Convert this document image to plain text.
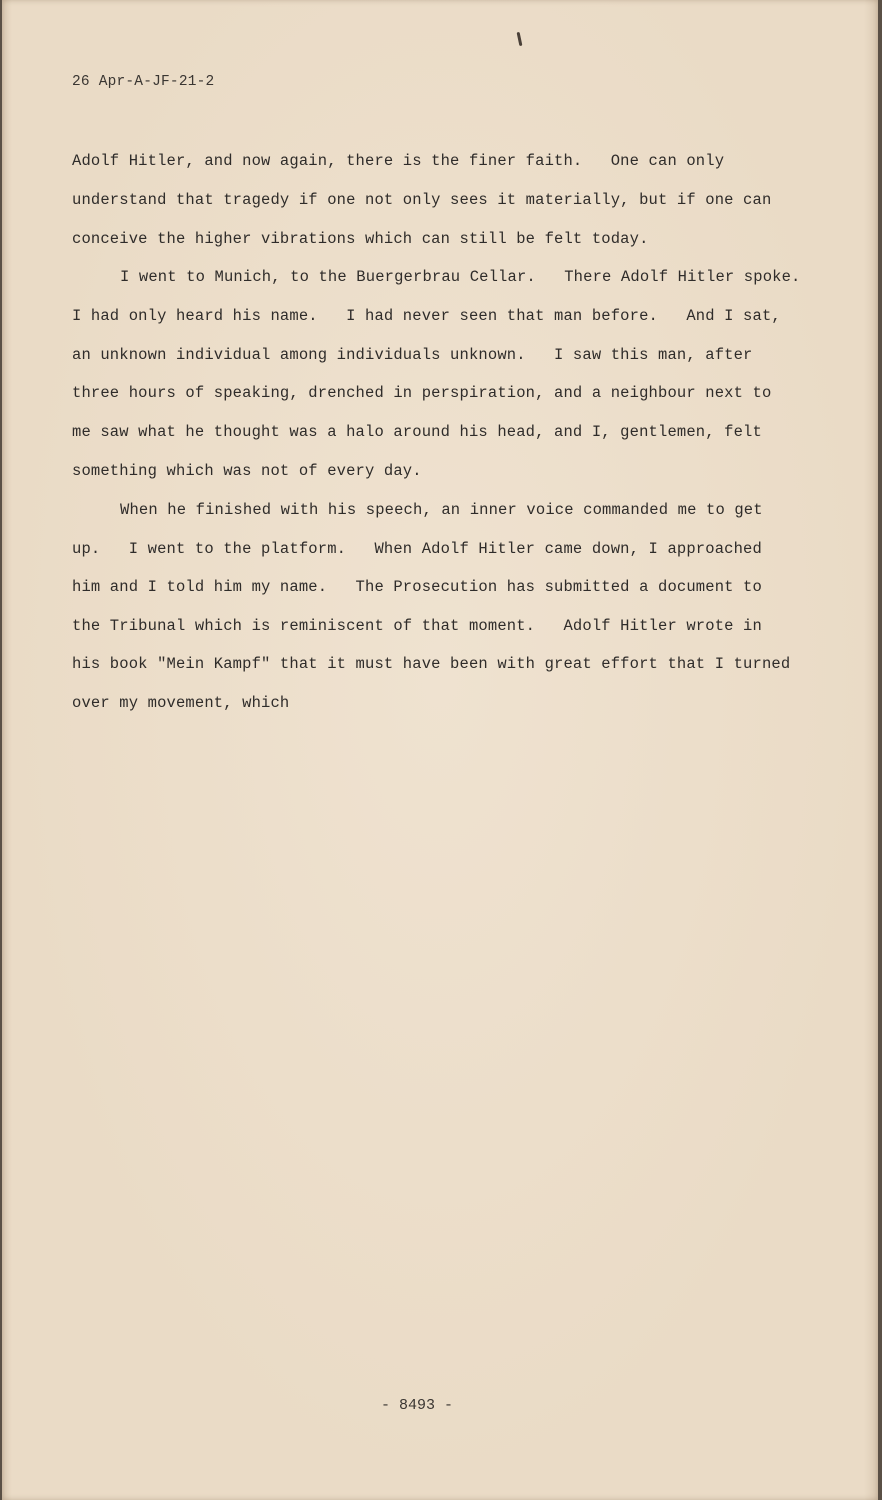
26 Apr-A-JF-21-2
Adolf Hitler, and now again, there is the finer faith.   One can only
understand that tragedy if one not only sees it materially, but if one can
conceive the higher vibrations which can still be felt today.
I went to Munich, to the Buergerbrau Cellar.   There Adolf Hitler spoke.
I had only heard his name.   I had never seen that man before.   And I sat,
an unknown individual among individuals unknown.   I saw this man, after
three hours of speaking, drenched in perspiration, and a neighbour next to
me saw what he thought was a halo around his head, and I, gentlemen, felt
something which was not of every day.
When he finished with his speech, an inner voice commanded me to get
up.   I went to the platform.   When Adolf Hitler came down, I approached
him and I told him my name.   The Prosecution has submitted a document to
the Tribunal which is reminiscent of that moment.   Adolf Hitler wrote in
his book "Mein Kampf" that it must have been with great effort that I turned
over my movement, which
- 8493 -
